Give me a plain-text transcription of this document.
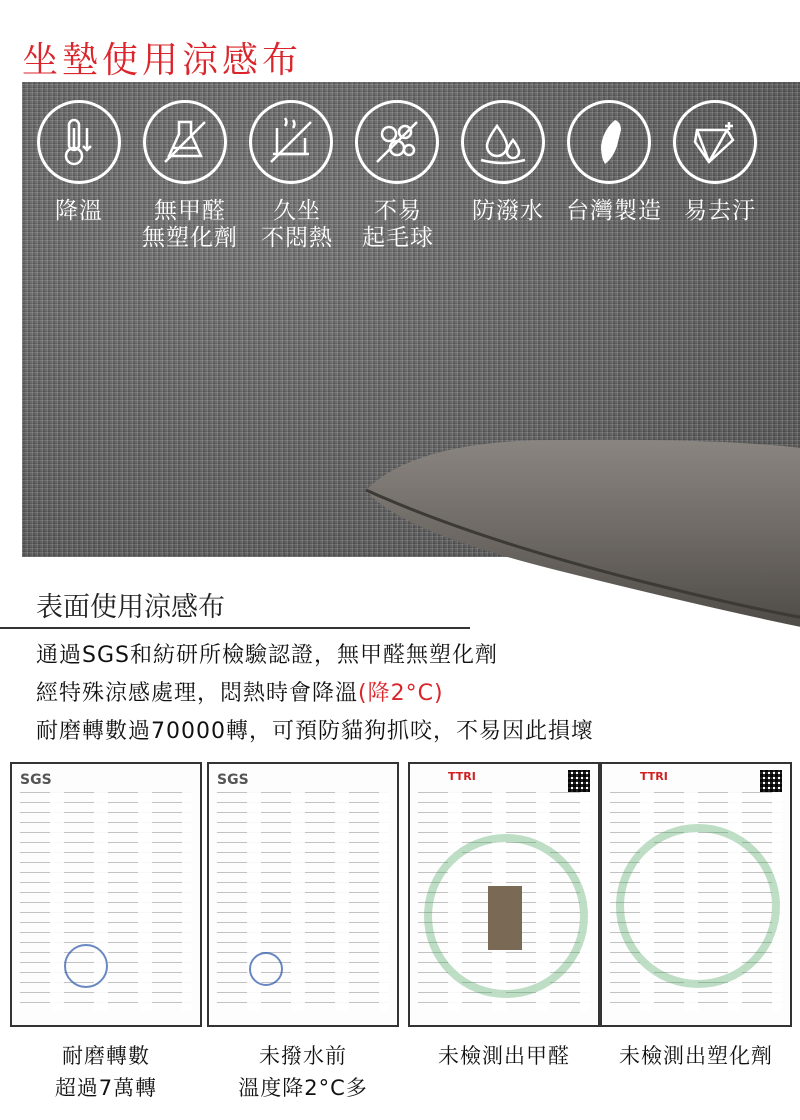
坐墊使用涼感布
降溫	無甲醛
無塑化劑
久坐
不悶熱
不易
起毛球
防潑水 台灣製造 易去汙
表面使用涼感布
通過SGS和紡研所檢驗認證，無甲醛無塑化劑
經特殊涼感處理，悶熱時會降溫(降2°C)
耐磨轉數過70000轉，可預防貓狗抓咬，不易因此損壞
SGS	SGS	TTRI	TTRI
耐磨轉數
超過7萬轉
未撥水前
溫度降2°C多
未檢測出甲醛	未檢測出塑化劑
